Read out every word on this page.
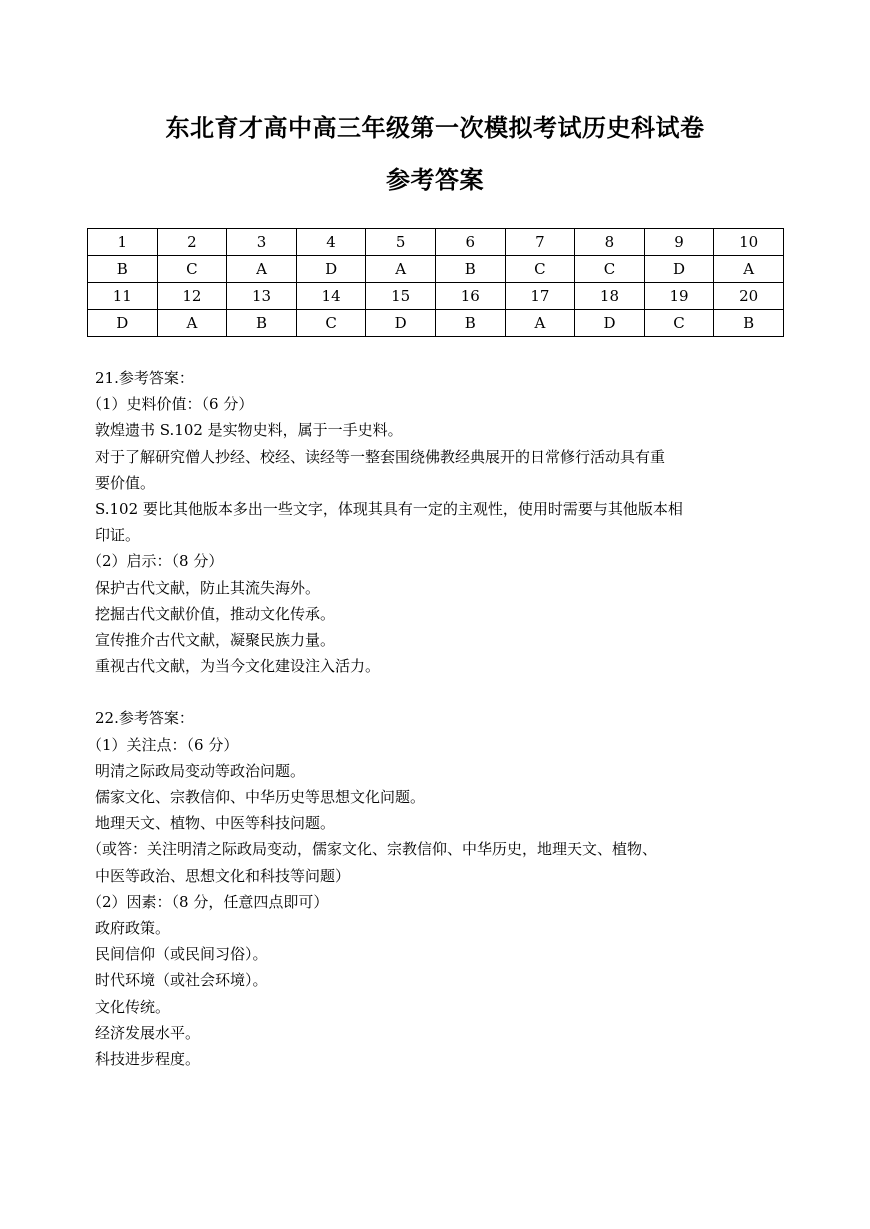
东北育才高中高三年级第一次模拟考试历史科试卷
参考答案
1	2	3	4	5	6	7	8	9	10
B	C	A	D	A	B	C	C	D	A
11	12	13	14	15	16	17	18	19	20
D	A	B	C	D	B	A	D	C	B

21.参考答案：

（1）史料价值：（6 分）

敦煌遗书 S.102 是实物史料，属于一手史料。

对于了解研究僧人抄经、校经、读经等一整套围绕佛教经典展开的日常修行活动具有重

要价值。

S.102 要比其他版本多出一些文字，体现其具有一定的主观性，使用时需要与其他版本相

印证。

（2）启示：（8 分）

保护古代文献，防止其流失海外。

挖掘古代文献价值，推动文化传承。

宣传推介古代文献，凝聚民族力量。

重视古代文献，为当今文化建设注入活力。

22.参考答案：

（1）关注点：（6 分）

明清之际政局变动等政治问题。

儒家文化、宗教信仰、中华历史等思想文化问题。

地理天文、植物、中医等科技问题。

（或答：关注明清之际政局变动，儒家文化、宗教信仰、中华历史，地理天文、植物、

中医等政治、思想文化和科技等问题）

（2）因素：（8 分，任意四点即可）

政府政策。

民间信仰（或民间习俗）。

时代环境（或社会环境）。

文化传统。

经济发展水平。

科技进步程度。
